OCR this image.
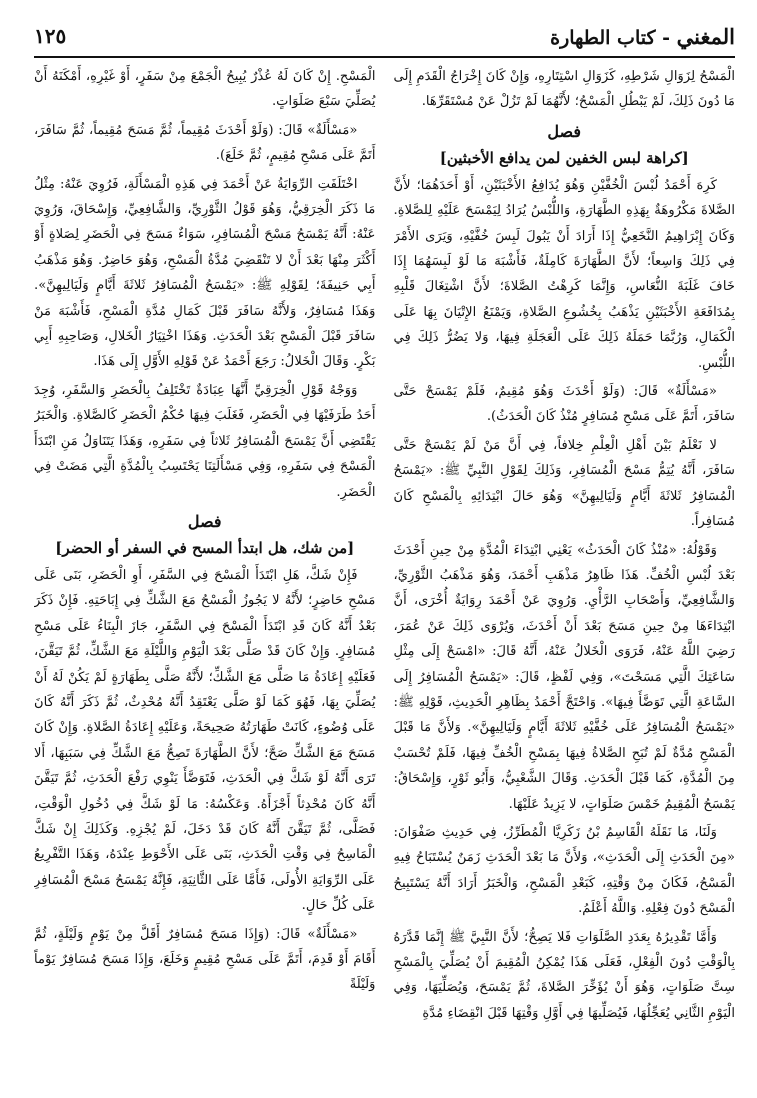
المغني - كتاب الطهارة
١٢٥

الْمَسْحُ لِزَوَالِ شَرْطِهِ، كَزَوَالِ اسْتِتَارِهِ، وَإِنْ كَانَ إِخْرَاجُ الْقَدَمِ إِلَى مَا دُونَ ذَلِكَ، لَمْ يَبْطُلِ الْمَسْحُ؛ لأَنَّهُمَا لَمْ تَزُلْ عَنْ مُسْتَقَرِّهَا.

فصل
[كراهة لبس الخفين لمن يدافع الأخبثين]

كَرِهَ أَحْمَدُ لُبْسَ الْخُفَّيْنِ وَهُوَ يُدَافِعُ الأَخْبَثَيْنِ، أَوْ أَحَدَهُمَا؛ لأَنَّ الصَّلاةَ مَكْرُوهَةٌ بِهَذِهِ الطَّهَارَةِ، وَاللُّبْسُ يُرَادُ لِيَمْسَحَ عَلَيْهِ لِلصَّلاةِ. وَكَانَ إِبْرَاهِيمُ النَّخَعِيُّ إِذَا أَرَادَ أَنْ يَبُولَ لَبِسَ خُفَّيْهِ، وَيَرَى الأَمْرَ فِي ذَلِكَ وَاسِعاً؛ لأَنَّ الطَّهَارَةَ كَامِلَةٌ، فَأَشْبَهَ مَا لَوْ لَبِسَهُمَا إِذَا خَافَ غَلَبَةَ النُّعَاسِ، وَإِنَّمَا كَرِهْتُ الصَّلاةَ؛ لأَنَّ اشْتِغَالَ قَلْبِهِ بِمُدَافَعَةِ الأَخْبَثَيْنِ يَذْهَبُ بِخُشُوعِ الصَّلاةِ، وَيَمْنَعُ الإِتْيَانَ بِهَا عَلَى الْكَمَالِ، وَرُبَّمَا حَمَلَهُ ذَلِكَ عَلَى الْعَجَلَةِ فِيهَا، وَلا يَضُرُّ ذَلِكَ فِي اللُّبْسِ.

«مَسْأَلَةٌ» قَالَ: (وَلَوْ أَحْدَثَ وَهُوَ مُقِيمٌ، فَلَمْ يَمْسَحْ حَتَّى سَافَرَ، أَتَمَّ عَلَى مَسْحِ مُسَافِرٍ مُنْذُ كَانَ الْحَدَثُ).

لا نَعْلَمُ بَيْنَ أَهْلِ الْعِلْمِ خِلافاً، فِي أَنَّ مَنْ لَمْ يَمْسَحْ حَتَّى سَافَرَ، أَنَّهُ يُتِمُّ مَسْحَ الْمُسَافِرِ، وَذَلِكَ لِقَوْلِ النَّبِيِّ ﷺ: «يَمْسَحُ الْمُسَافِرُ ثَلاثَةَ أَيَّامٍ وَلَيَالِيهِنَّ» وَهُوَ حَالَ ابْتِدَائِهِ بِالْمَسْحِ كَانَ مُسَافِراً.

وَقَوْلُهُ: «مُنْذُ كَانَ الْحَدَثُ» يَعْنِي ابْتِدَاءَ الْمُدَّةِ مِنْ حِينِ أَحْدَثَ بَعْدَ لُبْسِ الْخُفِّ. هَذَا ظَاهِرُ مَذْهَبِ أَحْمَدَ، وَهُوَ مَذْهَبُ الثَّوْرِيِّ، وَالشَّافِعِيِّ، وَأَصْحَابِ الرَّأْيِ. وَرُوِيَ عَنْ أَحْمَدَ رِوَايَةٌ أُخْرَى، أَنَّ ابْتِدَاءَهَا مِنْ حِينِ مَسَحَ بَعْدَ أَنْ أَحْدَثَ، وَيُرْوَى ذَلِكَ عَنْ عُمَرَ، رَضِيَ اللَّهُ عَنْهُ، فَرَوَى الْخَلالُ عَنْهُ، أَنَّهُ قَالَ: «امْسَحْ إِلَى مِثْلِ سَاعَتِكَ الَّتِي مَسَحْتَ»، وَفِي لَفْظٍ، قَالَ: «يَمْسَحُ الْمُسَافِرُ إِلَى السَّاعَةِ الَّتِي تَوَضَّأَ فِيهَا». وَاحْتَجَّ أَحْمَدُ بِظَاهِرِ الْحَدِيثِ، قَوْلِهِ ﷺ: «يَمْسَحُ الْمُسَافِرُ عَلَى خُفَّيْهِ ثَلاثَةَ أَيَّامٍ وَلَيَالِيهِنَّ». وَلأَنَّ مَا قَبْلَ الْمَسْحِ مُدَّةٌ لَمْ تُبَحِ الصَّلاةُ فِيهَا بِمَسْحِ الْخُفِّ فِيهَا، فَلَمْ تُحْسَبْ مِنَ الْمُدَّةِ، كَمَا قَبْلَ الْحَدَثِ. وَقَالَ الشَّعْبِيُّ، وَأَبُو ثَوْرٍ، وَإِسْحَاقُ: يَمْسَحُ الْمُقِيمُ خَمْسَ صَلَوَاتٍ، لا يَزِيدُ عَلَيْهَا.

وَلَنَا، مَا نَقَلَهُ الْقَاسِمُ بْنُ زَكَرِيَّا الْمُطَرِّزُ، فِي حَدِيثِ صَفْوَانَ: «مِنَ الْحَدَثِ إِلَى الْحَدَثِ»، وَلأَنَّ مَا بَعْدَ الْحَدَثِ زَمَنٌ يُسْتَبَاحُ فِيهِ الْمَسْحُ، فَكَانَ مِنْ وَقْتِهِ، كَبَعْدِ الْمَسْحِ، وَالْخَبَرُ أَرَادَ أَنَّهُ يَسْتَبِيحُ الْمَسْحَ دُونَ فِعْلِهِ. وَاللَّهُ أَعْلَمُ.

وَأَمَّا تَقْدِيرُهُ بِعَدَدِ الصَّلَوَاتِ فَلا يَصِحُّ؛ لأَنَّ النَّبِيَّ ﷺ إِنَّمَا قَدَّرَهُ بِالْوَقْتِ دُونَ الْفِعْلِ، فَعَلَى هَذَا يُمْكِنُ الْمُقِيمَ أَنْ يُصَلِّيَ بِالْمَسْحِ سِتَّ صَلَوَاتٍ، وَهُوَ أَنْ يُؤَخِّرَ الصَّلاةَ، ثُمَّ يَمْسَحَ، وَيُصَلِّيَهَا، وَفِي الْيَوْمِ الثَّانِي يُعَجِّلُهَا، فَيُصَلِّيهَا فِي أَوَّلِ وَقْتِهَا قَبْلَ انْقِضَاءِ مُدَّةِ

الْمَسْحِ. إِنْ كَانَ لَهُ عُذْرٌ يُبِيحُ الْجَمْعَ مِنْ سَفَرٍ، أَوْ غَيْرِهِ، أَمْكَنَهُ أَنْ يُصَلِّيَ سَبْعَ صَلَوَاتٍ.

«مَسْأَلَةٌ» قَالَ: (وَلَوْ أَحْدَثَ مُقِيماً، ثُمَّ مَسَحَ مُقِيماً، ثُمَّ سَافَرَ، أَتَمَّ عَلَى مَسْحِ مُقِيمٍ، ثُمَّ خَلَعَ).

اخْتَلَفَتِ الرِّوَايَةُ عَنْ أَحْمَدَ فِي هَذِهِ الْمَسْأَلَةِ، فَرُوِيَ عَنْهُ: مِثْلُ مَا ذَكَرَ الْخِرَقِيُّ، وَهُوَ قَوْلُ الثَّوْرِيِّ، وَالشَّافِعِيِّ، وَإِسْحَاقَ، وَرُوِيَ عَنْهُ: أَنَّهُ يَمْسَحُ مَسْحَ الْمُسَافِرِ، سَوَاءٌ مَسَحَ فِي الْحَضَرِ لِصَلاةٍ أَوْ أَكْثَرَ مِنْهَا بَعْدَ أَنْ لا تَنْقَضِيَ مُدَّةُ الْمَسْحِ، وَهُوَ حَاضِرٌ. وَهُوَ مَذْهَبُ أَبِي حَنِيفَةَ؛ لِقَوْلِهِ ﷺ: «يَمْسَحُ الْمُسَافِرُ ثَلاثَةَ أَيَّامٍ وَلَيَالِيهِنَّ». وَهَذَا مُسَافِرٌ، وَلأَنَّهُ سَافَرَ قَبْلَ كَمَالِ مُدَّةِ الْمَسْحِ، فَأَشْبَهَ مَنْ سَافَرَ قَبْلَ الْمَسْحِ بَعْدَ الْحَدَثِ. وَهَذَا اخْتِيَارُ الْخَلالِ، وَصَاحِبِهِ أَبِي بَكْرٍ. وَقَالَ الْخَلالُ: رَجَعَ أَحْمَدُ عَنْ قَوْلِهِ الأَوَّلِ إِلَى هَذَا.

وَوَجْهُ قَوْلِ الْخِرَقِيِّ أَنَّهَا عِبَادَةٌ تَخْتَلِفُ بِالْحَضَرِ وَالسَّفَرِ، وُجِدَ أَحَدُ طَرَفَيْهَا فِي الْحَضَرِ، فَغَلَبَ فِيهَا حُكْمُ الْحَضَرِ كَالصَّلاةِ. وَالْخَبَرُ يَقْتَضِي أَنَّ يَمْسَحَ الْمُسَافِرُ ثَلاثاً فِي سَفَرِهِ، وَهَذَا يَتَنَاوَلُ مَنِ ابْتَدَأَ الْمَسْحَ فِي سَفَرِهِ، وَفِي مَسْأَلَتِنَا يَحْتَسِبُ بِالْمُدَّةِ الَّتِي مَضَتْ فِي الْحَضَرِ.

فصل
[من شك، هل ابتدأ المسح في السفر أو الحضر]

فَإِنْ شَكَّ، هَلِ ابْتَدَأَ الْمَسْحَ فِي السَّفَرِ، أَوِ الْحَضَرِ، بَنَى عَلَى مَسْحِ حَاضِرٍ؛ لأَنَّهُ لا يَجُوزُ الْمَسْحُ مَعَ الشَّكِّ فِي إِبَاحَتِهِ. فَإِنْ ذَكَرَ بَعْدُ أَنَّهُ كَانَ قَدِ ابْتَدَأَ الْمَسْحَ فِي السَّفَرِ، جَازَ الْبِنَاءُ عَلَى مَسْحِ مُسَافِرٍ. وَإِنْ كَانَ قَدْ صَلَّى بَعْدَ الْيَوْمِ وَاللَّيْلَةِ مَعَ الشَّكِّ، ثُمَّ تَيَقَّنَ، فَعَلَيْهِ إِعَادَةُ مَا صَلَّى مَعَ الشَّكِّ؛ لأَنَّهُ صَلَّى بِطَهَارَةٍ لَمْ يَكُنْ لَهُ أَنْ يُصَلِّيَ بِهَا، فَهُوَ كَمَا لَوْ صَلَّى يَعْتَقِدُ أَنَّهُ مُحْدِثٌ، ثُمَّ ذَكَرَ أَنَّهُ كَانَ عَلَى وُضُوءٍ، كَانَتْ طَهَارَتُهُ صَحِيحَةً، وَعَلَيْهِ إِعَادَةُ الصَّلاةِ. وَإِنْ كَانَ مَسَحَ مَعَ الشَّكِّ صَحَّ؛ لأَنَّ الطَّهَارَةَ تَصِحُّ مَعَ الشَّكِّ فِي سَبَبِهَا، أَلا تَرَى أَنَّهُ لَوْ شَكَّ فِي الْحَدَثِ، فَتَوَضَّأَ يَنْوِي رَفْعَ الْحَدَثِ، ثُمَّ تَيَقَّنَ أَنَّهُ كَانَ مُحْدِثاً أَجْزَأَهُ. وَعَكْسُهُ: مَا لَوْ شَكَّ فِي دُخُولِ الْوَقْتِ، فَصَلَّى، ثُمَّ تَيَقَّنَ أَنَّهُ كَانَ قَدْ دَخَلَ، لَمْ يُجْزِهِ. وَكَذَلِكَ إِنْ شَكَّ الْمَاسِحُ فِي وَقْتِ الْحَدَثِ، بَنَى عَلَى الأَحْوَطِ عِنْدَهُ، وَهَذَا التَّفْرِيعُ عَلَى الرِّوَايَةِ الأُولَى، فَأَمَّا عَلَى الثَّانِيَةِ، فَإِنَّهُ يَمْسَحُ مَسْحَ الْمُسَافِرِ عَلَى كُلِّ حَالٍ.

«مَسْأَلَةٌ» قَالَ: (وَإِذَا مَسَحَ مُسَافِرٌ أَقَلَّ مِنْ يَوْمٍ وَلَيْلَةٍ، ثُمَّ أَقَامَ أَوْ قَدِمَ، أَتَمَّ عَلَى مَسْحِ مُقِيمٍ وَخَلَعَ، وَإِذَا مَسَحَ مُسَافِرٌ يَوْماً وَلَيْلَةً
